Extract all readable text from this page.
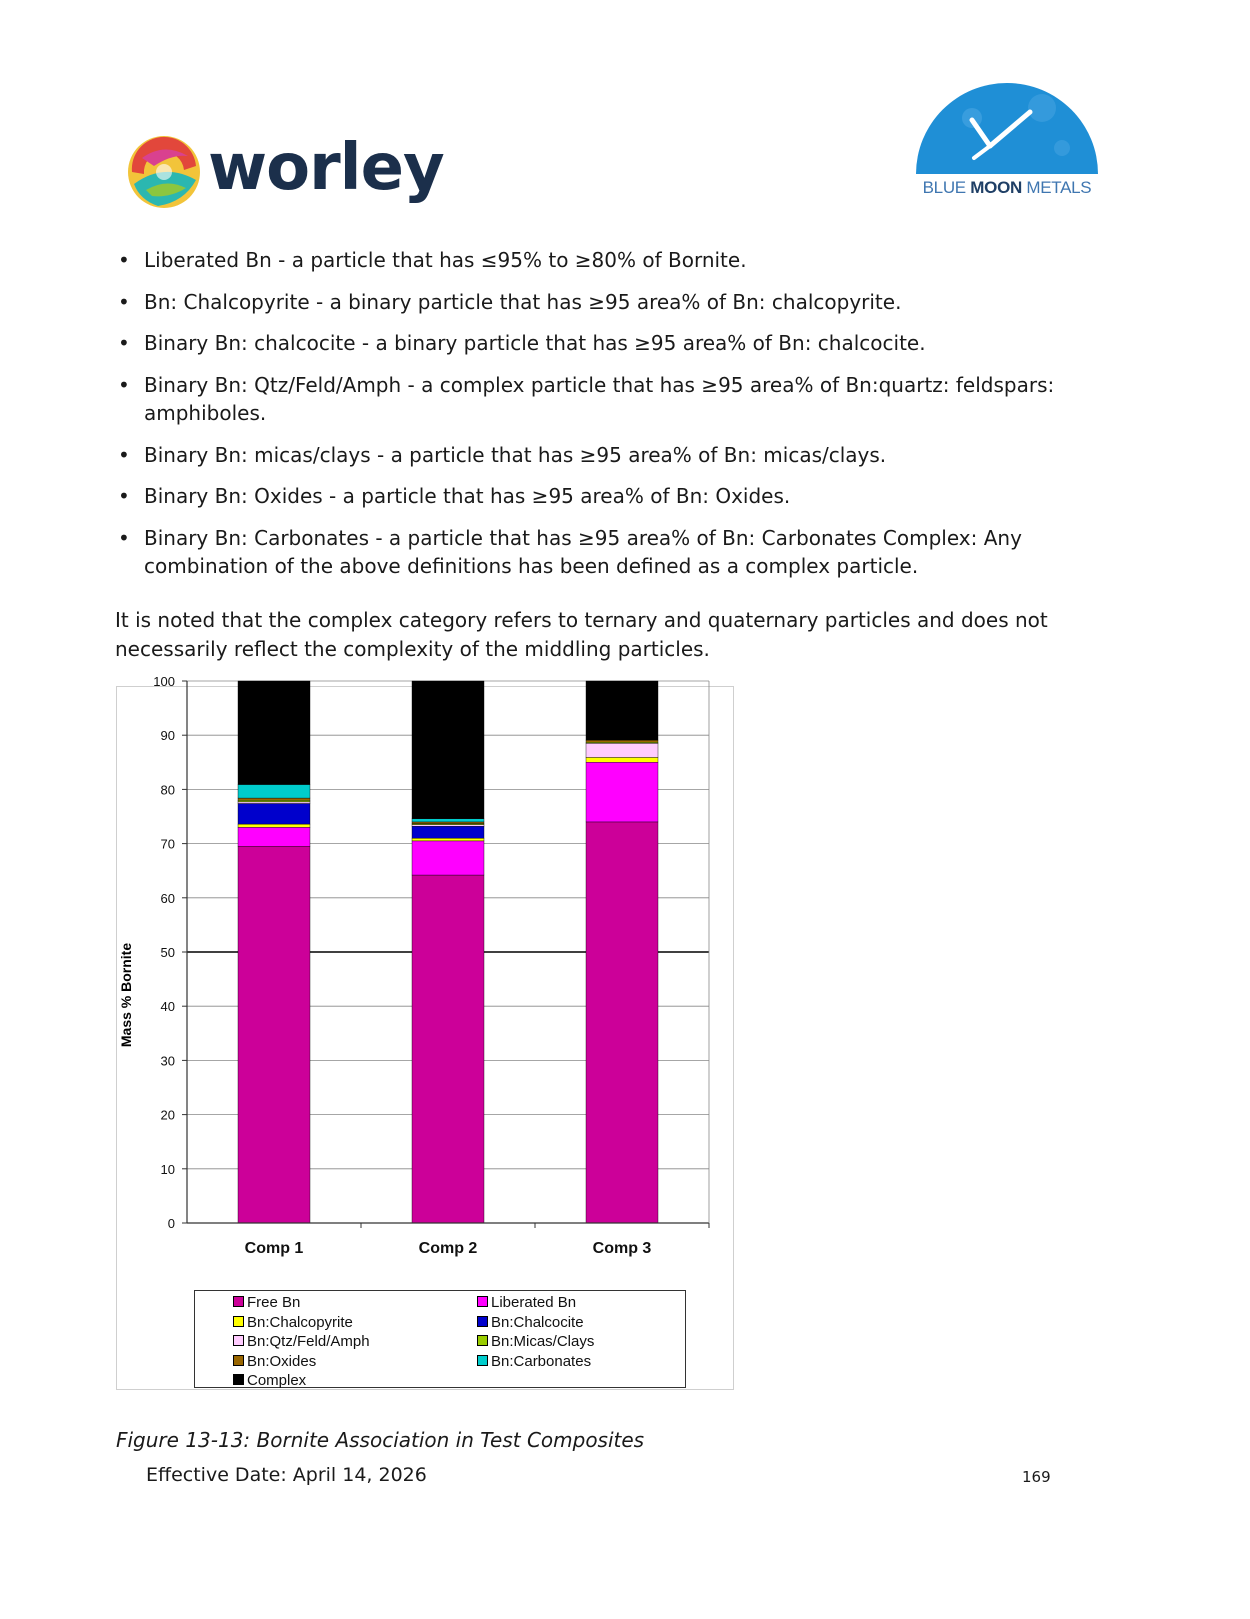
worley	BLUE MOON METALS
• Liberated Bn - a particle that has ≤95% to ≥80% of Bornite.
• Bn: Chalcopyrite - a binary particle that has ≥95 area% of Bn: chalcopyrite.
• Binary Bn: chalcocite - a binary particle that has ≥95 area% of Bn: chalcocite.
• Binary Bn: Qtz/Feld/Amph - a complex particle that has ≥95 area% of Bn:quartz: feldspars: amphiboles.
• Binary Bn: micas/clays - a particle that has ≥95 area% of Bn: micas/clays.
• Binary Bn: Oxides - a particle that has ≥95 area% of Bn: Oxides.
• Binary Bn: Carbonates - a particle that has ≥95 area% of Bn: Carbonates Complex: Any combination of the above definitions has been defined as a complex particle.

It is noted that the complex category refers to ternary and quaternary particles and does not necessarily reflect the complexity of the middling particles.

0
10
20
30
40
50
60
70
80
90
100
Comp 1	Comp 2	Comp 3
Mass % Bornite
Free Bn	Liberated Bn
Bn:Chalcopyrite	Bn:Chalcocite
Bn:Qtz/Feld/Amph	Bn:Micas/Clays
Bn:Oxides	Bn:Carbonates
Complex

Figure 13-13: Bornite Association in Test Composites

Effective Date: April 14, 2026	169
